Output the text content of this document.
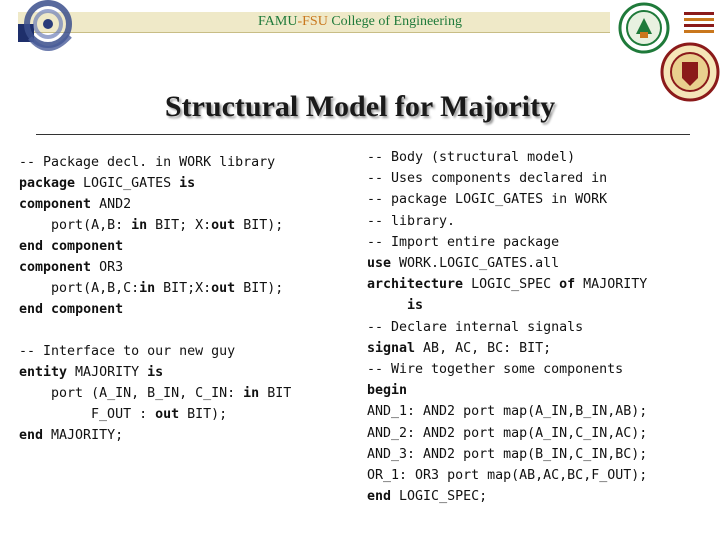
FAMU-FSU College of Engineering
Structural Model for Majority
-- Package decl. in WORK library
package LOGIC_GATES is
component AND2
port(A,B: in BIT; X:out BIT);
end component
component OR3
port(A,B,C:in BIT;X:out BIT);
end component

-- Interface to our new guy
entity MAJORITY is
port (A_IN, B_IN, C_IN: in BIT
F_OUT : out BIT);
end MAJORITY;
-- Body (structural model)
-- Uses components declared in
-- package LOGIC_GATES in WORK
-- library.
-- Import entire package
use WORK.LOGIC_GATES.all
architecture LOGIC_SPEC of MAJORITY
is
-- Declare internal signals
signal AB, AC, BC: BIT;
-- Wire together some components
begin
AND_1: AND2 port map(A_IN,B_IN,AB);
AND_2: AND2 port map(A_IN,C_IN,AC);
AND_3: AND2 port map(B_IN,C_IN,BC);
OR_1: OR3 port map(AB,AC,BC,F_OUT);
end LOGIC_SPEC;
